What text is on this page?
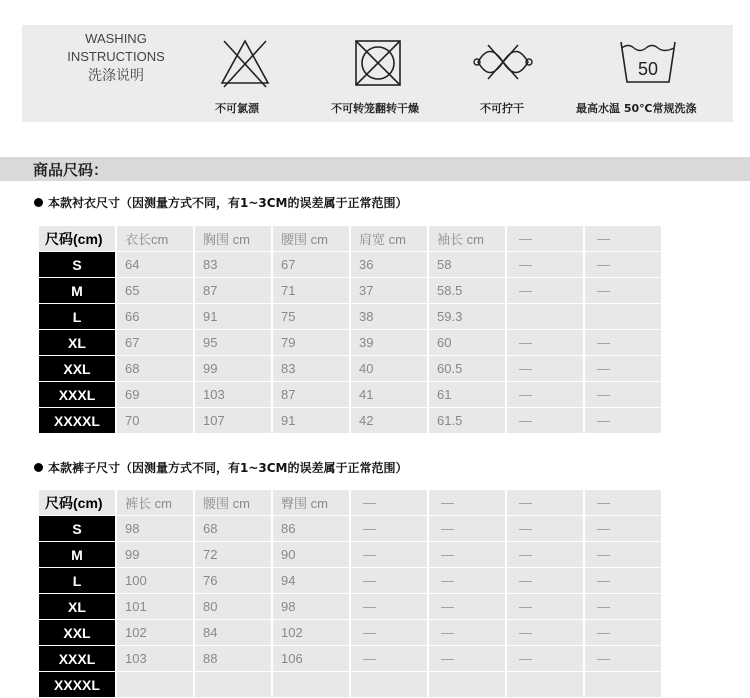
WASHING INSTRUCTIONS
洗涤说明
不可氯漂	不可转笼翻转干燥	不可拧干
50
最高水温 50℃常规洗涤
商品尺码：
本款衬衣尺寸（因测量方式不同，有1~3CM的误差属于正常范围）
尺码(cm)	衣长cm	胸围 cm	腰围 cm	肩宽 cm	袖长 cm	—	—
S	64	83	67	36	58	—	—
M	65	87	71	37	58.5	—	—
L	66	91	75	38	59.3		
XL	67	95	79	39	60	—	—
XXL	68	99	83	40	60.5	—	—
XXXL	69	103	87	41	61	—	—
XXXXL	70	107	91	42	61.5	—	—
本款裤子尺寸（因测量方式不同，有1~3CM的误差属于正常范围）
尺码(cm)	裤长 cm	腰围 cm	臀围 cm	—	—	—	—
S	98	68	86	—	—	—	—
M	99	72	90	—	—	—	—
L	100	76	94	—	—	—	—
XL	101	80	98	—	—	—	—
XXL	102	84	102	—	—	—	—
XXXL	103	88	106	—	—	—	—
XXXXL							
